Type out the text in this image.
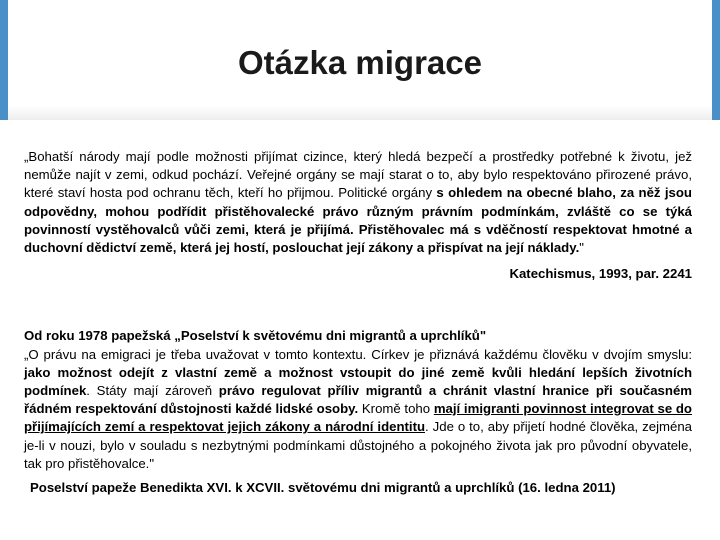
Otázka migrace

„Bohatší národy mají podle možnosti přijímat cizince, který hledá bezpečí a prostředky potřebné k životu, jež nemůže najít v zemi, odkud pochází. Veřejné orgány se mají starat o to, aby bylo respektováno přirozené právo, které staví hosta pod ochranu těch, kteří ho přijmou. Politické orgány s ohledem na obecné blaho, za něž jsou odpovědny, mohou podřídit přistěhovalecké právo různým právním podmínkám, zvláště co se týká povinností vystěhovalců vůči zemi, která je přijímá. Přistěhovalec má s vděčností respektovat hmotné a duchovní dědictví země, která jej hostí, poslouchat její zákony a přispívat na její náklady."

Katechismus, 1993, par. 2241

Od roku 1978 papežská „Poselství k světovému dni migrantů a uprchlíků"

„O právu na emigraci je třeba uvažovat v tomto kontextu. Církev je přiznává každému člověku v dvojím smyslu: jako možnost odejít z vlastní země a možnost vstoupit do jiné země kvůli hledání lepších životních podmínek. Státy mají zároveň právo regulovat příliv migrantů a chránit vlastní hranice při současném řádném respektování důstojnosti každé lidské osoby. Kromě toho mají imigranti povinnost integrovat se do přijímajících zemí a respektovat jejich zákony a národní identitu. Jde o to, aby přijetí hodné člověka, zejména je-li v nouzi, bylo v souladu s nezbytnými podmínkami důstojného a pokojného života jak pro původní obyvatele, tak pro přistěhovalce."

Poselství papeže Benedikta XVI. k XCVII. světovému dni migrantů a uprchlíků (16. ledna 2011)
